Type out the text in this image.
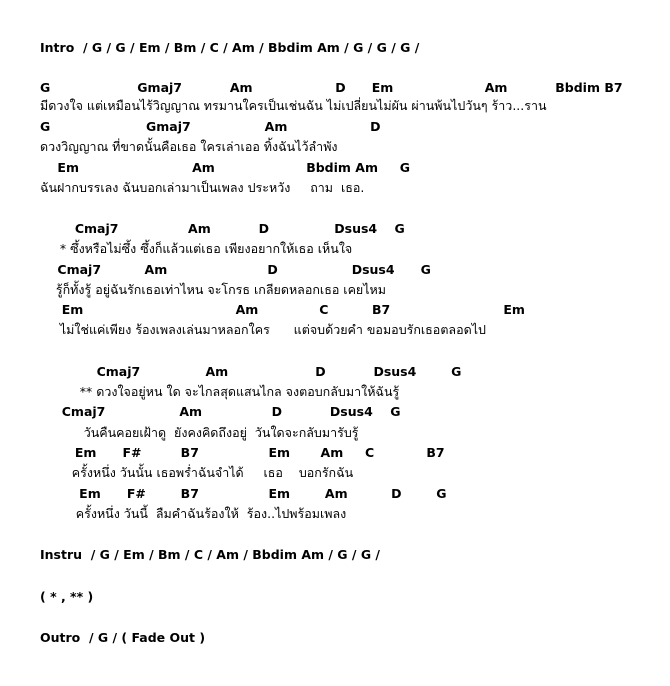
Intro  / G / G / Em / Bm / C / Am / Bbdim Am / G / G / G /
G                    Gmaj7           Am                   D      Em                     Am           Bbdim B7
มีดวงใจ แต่เหมือนไร้วิญญาณ ทรมานใครเป็นเช่นฉัน ไม่เปลี่ยนไม่ผัน ผ่านพ้นไปวันๆ ร้าว...ราน
G                      Gmaj7                 Am                   D
ดวงวิญญาณ ที่ขาดนั้นคือเธอ ใครเล่าเออ ทิ้งฉันไว้ลำพัง
Em                          Am                     Bbdim Am     G
ฉันฝากบรรเลง ฉันบอกเล่ามาเป็นเพลง ประหวัง     ถาม  เธอ.
Cmaj7                Am           D               Dsus4    G
* ซึ้งหรือไม่ซึ้ง ซึ้งก็แล้วแต่เธอ เพียงอยากให้เธอ เห็นใจ
Cmaj7          Am                       D                 Dsus4      G
รู้ก็ทั้งรู้ อยู่ฉันรักเธอเท่าไหน จะโกรธ เกลียดหลอกเธอ เคยไหม
Em                                   Am              C          B7                          Em
ไม่ใช่แค่เพียง ร้องเพลงเล่นมาหลอกใคร      แต่จบด้วยคำ ขอมอบรักเธอตลอดไป
Cmaj7               Am                    D           Dsus4        G
** ดวงใจอยู่หน ใด จะไกลสุดแสนไกล จงตอบกลับมาให้ฉันรู้
Cmaj7                 Am                D           Dsus4    G
วันคืนคอยเฝ้าดู  ยังคงคิดถึงอยู่  วันใดจะกลับมารับรู้
Em      F#         B7                Em       Am     C            B7
ครั้งหนึ่ง วันนั้น เธอพร่ำฉันจำได้     เธอ    บอกรักฉัน
Em      F#        B7                Em        Am          D        G
ครั้งหนึ่ง วันนี้  ลืมคำฉันร้องให้  ร้อง..ไปพร้อมเพลง
Instru  / G / Em / Bm / C / Am / Bbdim Am / G / G /
( * , ** )
Outro  / G / ( Fade Out )
